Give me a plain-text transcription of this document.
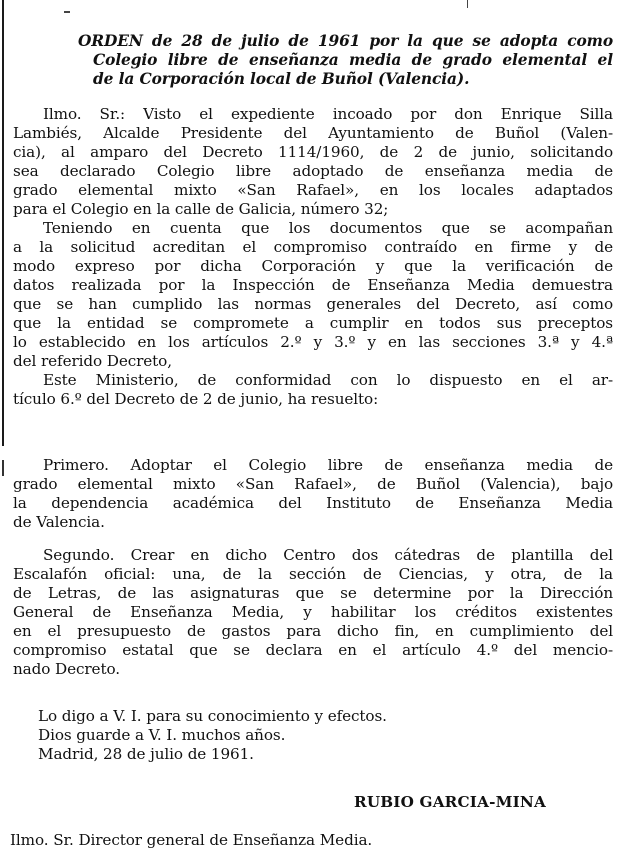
ORDEN de 28 de julio de 1961 por la que se adopta como
Colegio libre de enseñanza media de grado elemental el
de la Corporación local de Buñol (Valencia).
Ilmo. Sr.: Visto el expediente incoado por don Enrique Silla
Lambiés, Alcalde Presidente del Ayuntamiento de Buñol (Valen-
cia), al amparo del Decreto 1114/1960, de 2 de junio, solicitando
sea declarado Colegio libre adoptado de enseñanza media de
grado elemental mixto «San Rafael», en los locales adaptados
para el Colegio en la calle de Galicia, número 32;
Teniendo en cuenta que los documentos que se acompañan
a la solicitud acreditan el compromiso contraído en firme y de
modo expreso por dicha Corporación y que la verificación de
datos realizada por la Inspección de Enseñanza Media demuestra
que se han cumplido las normas generales del Decreto, así como
que la entidad se compromete a cumplir en todos sus preceptos
lo establecido en los artículos 2.º y 3.º y en las secciones 3.ª y 4.ª
del referido Decreto,
Este Ministerio, de conformidad con lo dispuesto en el ar-
tículo 6.º del Decreto de 2 de junio, ha resuelto:
Primero. Adoptar el Colegio libre de enseñanza media de
grado elemental mixto «San Rafael», de Buñol (Valencia), bajo
la dependencia académica del Instituto de Enseñanza Media
de Valencia.
Segundo. Crear en dicho Centro dos cátedras de plantilla del
Escalafón oficial: una, de la sección de Ciencias, y otra, de la
de Letras, de las asignaturas que se determine por la Dirección
General de Enseñanza Media, y habilitar los créditos existentes
en el presupuesto de gastos para dicho fin, en cumplimiento del
compromiso estatal que se declara en el artículo 4.º del mencio-
nado Decreto.
Lo digo a V. I. para su conocimiento y efectos.
Dios guarde a V. I. muchos años.
Madrid, 28 de julio de 1961.
RUBIO GARCIA-MINA
Ilmo. Sr. Director general de Enseñanza Media.
